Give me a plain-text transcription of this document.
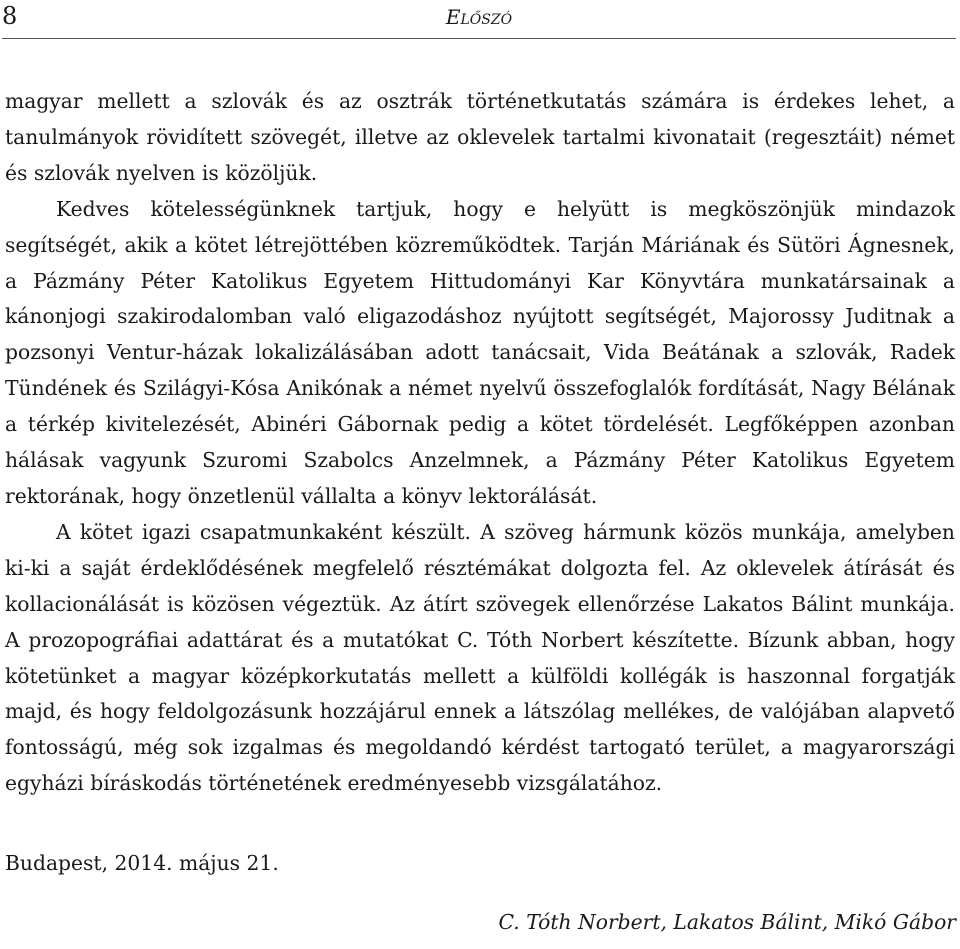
8	Előszó

magyar mellett a szlovák és az osztrák történetkutatás számára is érdekes lehet, a tanulmányok rövidített szövegét, illetve az oklevelek tartalmi kivonatait (regesztáit) német és szlovák nyelven is közöljük.

Kedves kötelességünknek tartjuk, hogy e helyütt is megköszönjük mindazok segítségét, akik a kötet létrejöttében közreműködtek. Tarján Máriának és Sütöri Ágnesnek, a Pázmány Péter Katolikus Egyetem Hittudományi Kar Könyvtára munkatársainak a kánonjogi szakirodalomban való eligazodáshoz nyújtott segítségét, Majorossy Juditnak a pozsonyi Ventur-házak lokalizálásában adott tanácsait, Vida Beátának a szlovák, Radek Tündének és Szilágyi-Kósa Anikónak a német nyelvű összefoglalók fordítását, Nagy Bélának a térkép kivitelezését, Abinéri Gábornak pedig a kötet tördelését. Legfőképpen azonban hálásak vagyunk Szuromi Szabolcs Anzelmnek, a Pázmány Péter Katolikus Egyetem rektorának, hogy önzetlenül vállalta a könyv lektorálását.

A kötet igazi csapatmunkaként készült. A szöveg hármunk közös munkája, amelyben ki-ki a saját érdeklődésének megfelelő résztémákat dolgozta fel. Az oklevelek átírását és kollacionálását is közösen végeztük. Az átírt szövegek ellenőrzése Lakatos Bálint munkája. A prozopográfiai adattárat és a mutatókat C. Tóth Norbert készítette. Bízunk abban, hogy kötetünket a magyar középkorkutatás mellett a külföldi kollégák is haszonnal forgatják majd, és hogy feldolgozásunk hozzájárul ennek a látszólag mellékes, de valójában alapvető fontosságú, még sok izgalmas és megoldandó kérdést tartogató terület, a magyarországi egyházi bíráskodás történetének eredményesebb vizsgálatához.

Budapest, 2014. május 21.
C. Tóth Norbert, Lakatos Bálint, Mikó Gábor
